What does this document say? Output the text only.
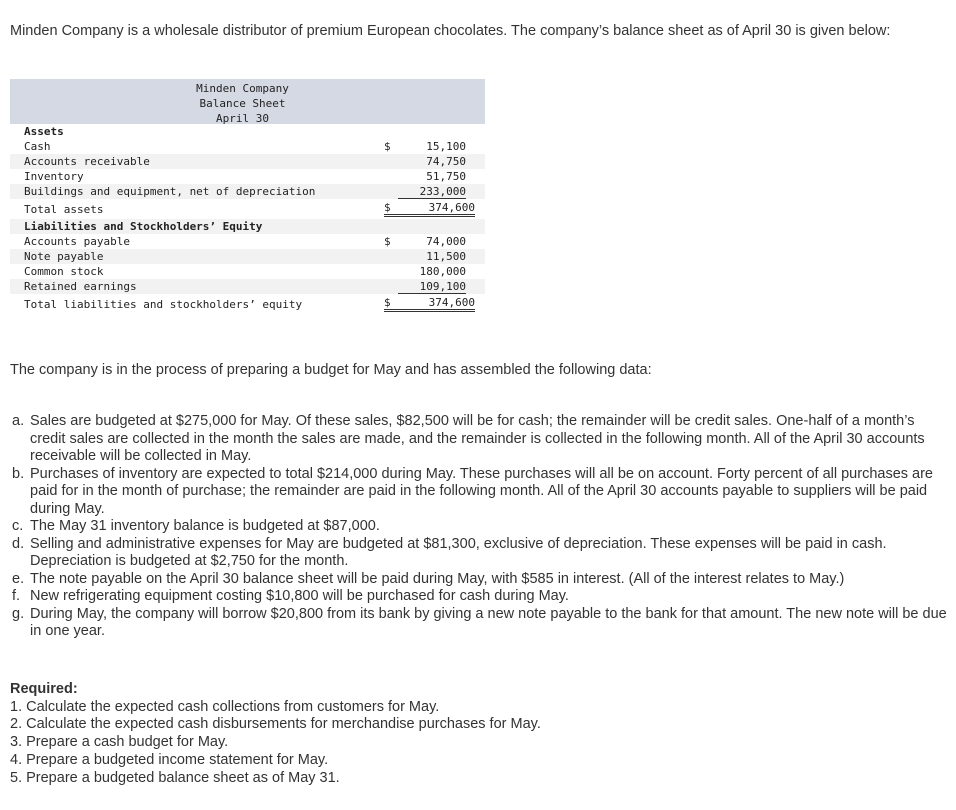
Minden Company is a wholesale distributor of premium European chocolates. The company’s balance sheet as of April 30 is given below:

Minden Company
Balance Sheet
April 30
Assets
Cash	$	15,100
Accounts receivable	74,750
Inventory	51,750
Buildings and equipment, net of depreciation	233,000
Total assets	$	374,600
Liabilities and Stockholders’ Equity
Accounts payable	$	74,000
Note payable	11,500
Common stock	180,000
Retained earnings	109,100
Total liabilities and stockholders’ equity	$	374,600

The company is in the process of preparing a budget for May and has assembled the following data:

a. Sales are budgeted at $275,000 for May. Of these sales, $82,500 will be for cash; the remainder will be credit sales. One-half of a month’s credit sales are collected in the month the sales are made, and the remainder is collected in the following month. All of the April 30 accounts receivable will be collected in May.
b. Purchases of inventory are expected to total $214,000 during May. These purchases will all be on account. Forty percent of all purchases are paid for in the month of purchase; the remainder are paid in the following month. All of the April 30 accounts payable to suppliers will be paid during May.
c. The May 31 inventory balance is budgeted at $87,000.
d. Selling and administrative expenses for May are budgeted at $81,300, exclusive of depreciation. These expenses will be paid in cash. Depreciation is budgeted at $2,750 for the month.
e. The note payable on the April 30 balance sheet will be paid during May, with $585 in interest. (All of the interest relates to May.)
f. New refrigerating equipment costing $10,800 will be purchased for cash during May.
g. During May, the company will borrow $20,800 from its bank by giving a new note payable to the bank for that amount. The new note will be due in one year.
Required:
1. Calculate the expected cash collections from customers for May.
2. Calculate the expected cash disbursements for merchandise purchases for May.
3. Prepare a cash budget for May.
4. Prepare a budgeted income statement for May.
5. Prepare a budgeted balance sheet as of May 31.
